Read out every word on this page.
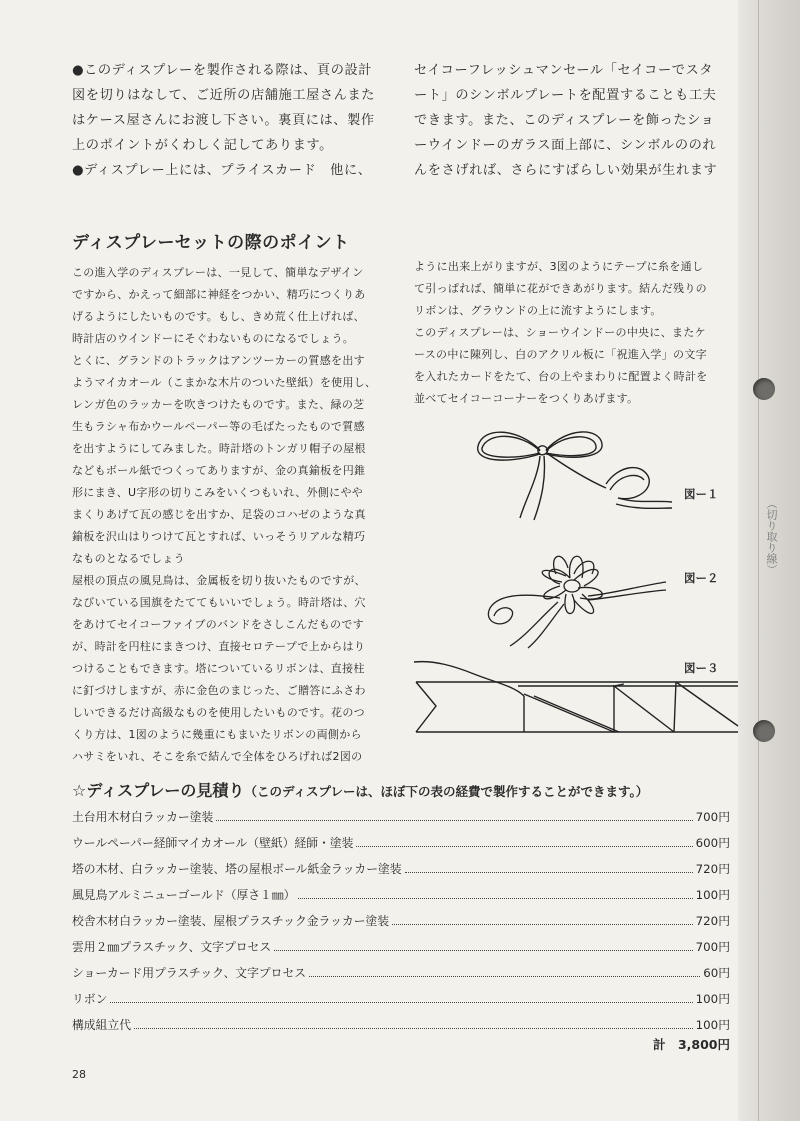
（切り取り線）

●このディスプレーを製作される際は、頁の設計

図を切りはなして、ご近所の店舗施工屋さんまた

はケース屋さんにお渡し下さい。裏頁には、製作

上のポイントがくわしく記してあります。

●ディスプレー上には、プライスカード　他に、

セイコーフレッシュマンセール「セイコーでスタ

ート」のシンボルプレートを配置することも工夫

できます。また、このディスプレーを飾ったショ

ーウインドーのガラス面上部に、シンボルののれ

んをさげれば、さらにすばらしい効果が生れます

ディスプレーセットの際のポイント

この進入学のディスプレーは、一見して、簡単なデザイン

ですから、かえって細部に神経をつかい、精巧につくりあ

げるようにしたいものです。もし、きめ荒く仕上げれば、

時計店のウインドーにそぐわないものになるでしょう。

とくに、グランドのトラックはアンツーカーの質感を出す

ようマイカオール（こまかな木片のついた壁紙）を使用し、

レンガ色のラッカーを吹きつけたものです。また、緑の芝

生もラシャ布かウールペーパー等の毛ばたったもので質感

を出すようにしてみました。時計塔のトンガリ帽子の屋根

などもボール紙でつくってありますが、金の真鍮板を円錐

形にまき、U字形の切りこみをいくつもいれ、外側にやや

まくりあげて瓦の感じを出すか、足袋のコハゼのような真

鍮板を沢山はりつけて瓦とすれば、いっそうリアルな精巧

なものとなるでしょう

屋根の頂点の風見鳥は、金属板を切り抜いたものですが、

なびいている国旗をたててもいいでしょう。時計塔は、穴

をあけてセイコーファイブのバンドをさしこんだものです

が、時計を円柱にまきつけ、直接セロテープで上からはり

つけることもできます。塔についているリボンは、直接柱

に釘づけしますが、赤に金色のまじった、ご贈答にふさわ

しいできるだけ高級なものを使用したいものです。花のつ

くり方は、1図のように幾重にもまいたリボンの両側から

ハサミをいれ、そこを糸で結んで全体をひろげれば2図の

ように出来上がりますが、3図のようにテープに糸を通し

て引っぱれば、簡単に花ができあがります。結んだ残りの

リボンは、グラウンドの上に流すようにします。

このディスプレーは、ショーウインドーの中央に、またケ

ースの中に陳列し、白のアクリル板に「祝進入学」の文字

を入れたカードをたて、台の上やまわりに配置よく時計を

並べてセイコーコーナーをつくりあげます。

図ー１
図ー２
図ー３
☆ディスプレーの見積り（このディスプレーは、ほぼ下の表の経費で製作することができます。）
土台用木材白ラッカー塗装	700円
ウールペーパー経師マイカオール（壁紙）経師・塗装	600円
塔の木材、白ラッカー塗装、塔の屋根ボール紙金ラッカー塗装	720円
風見鳥アルミニューゴールド（厚さ１㎜）	100円
校舎木材白ラッカー塗装、屋根プラスチック金ラッカー塗装	720円
雲用２㎜プラスチック、文字プロセス	700円
ショーカード用プラスチック、文字プロセス	60円
リボン	100円
構成組立代	100円
計　3,800円
28
